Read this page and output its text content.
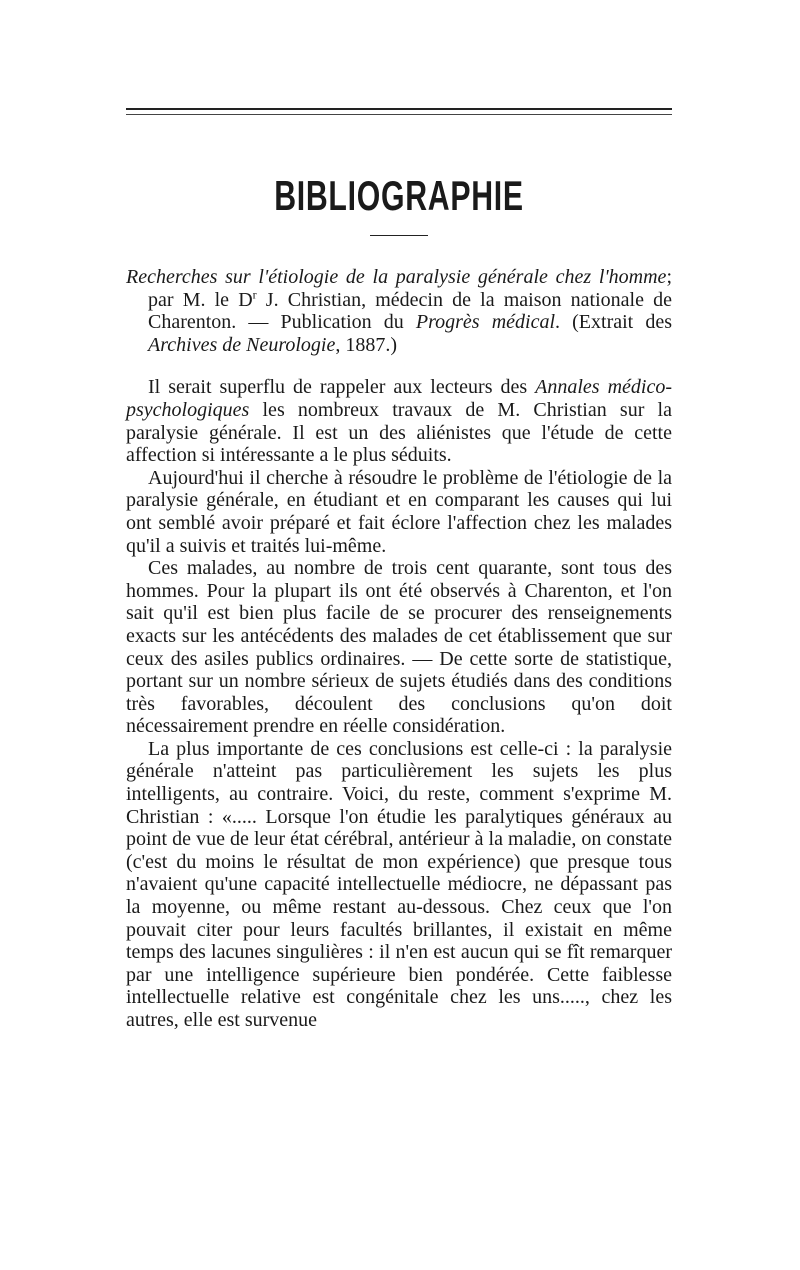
BIBLIOGRAPHIE

Recherches sur l'étiologie de la paralysie générale chez l'homme; par M. le $D^r$ J. Christian, médecin de la maison nationale de Charenton. — Publication du Progrès médical. (Extrait des Archives de Neurologie, 1887.)

Il serait superflu de rappeler aux lecteurs des Annales médico-psychologiques les nombreux travaux de M. Christian sur la paralysie générale. Il est un des aliénistes que l'étude de cette affection si intéressante a le plus séduits.

Aujourd'hui il cherche à résoudre le problème de l'étiologie de la paralysie générale, en étudiant et en comparant les causes qui lui ont semblé avoir préparé et fait éclore l'affection chez les malades qu'il a suivis et traités lui-même.

Ces malades, au nombre de trois cent quarante, sont tous des hommes. Pour la plupart ils ont été observés à Charenton, et l'on sait qu'il est bien plus facile de se procurer des renseignements exacts sur les antécédents des malades de cet établissement que sur ceux des asiles publics ordinaires. — De cette sorte de statistique, portant sur un nombre sérieux de sujets étudiés dans des conditions très favorables, découlent des conclusions qu'on doit nécessairement prendre en réelle considération.

La plus importante de ces conclusions est celle-ci : la paralysie générale n'atteint pas particulièrement les sujets les plus intelligents, au contraire. Voici, du reste, comment s'exprime M. Christian : «..... Lorsque l'on étudie les paralytiques généraux au point de vue de leur état cérébral, antérieur à la maladie, on constate (c'est du moins le résultat de mon expérience) que presque tous n'avaient qu'une capacité intellectuelle médiocre, ne dépassant pas la moyenne, ou même restant au-dessous. Chez ceux que l'on pouvait citer pour leurs facultés brillantes, il existait en même temps des lacunes singulières : il n'en est aucun qui se fît remarquer par une intelligence supérieure bien pondérée. Cette faiblesse intellectuelle relative est congénitale chez les uns....., chez les autres, elle est survenue
